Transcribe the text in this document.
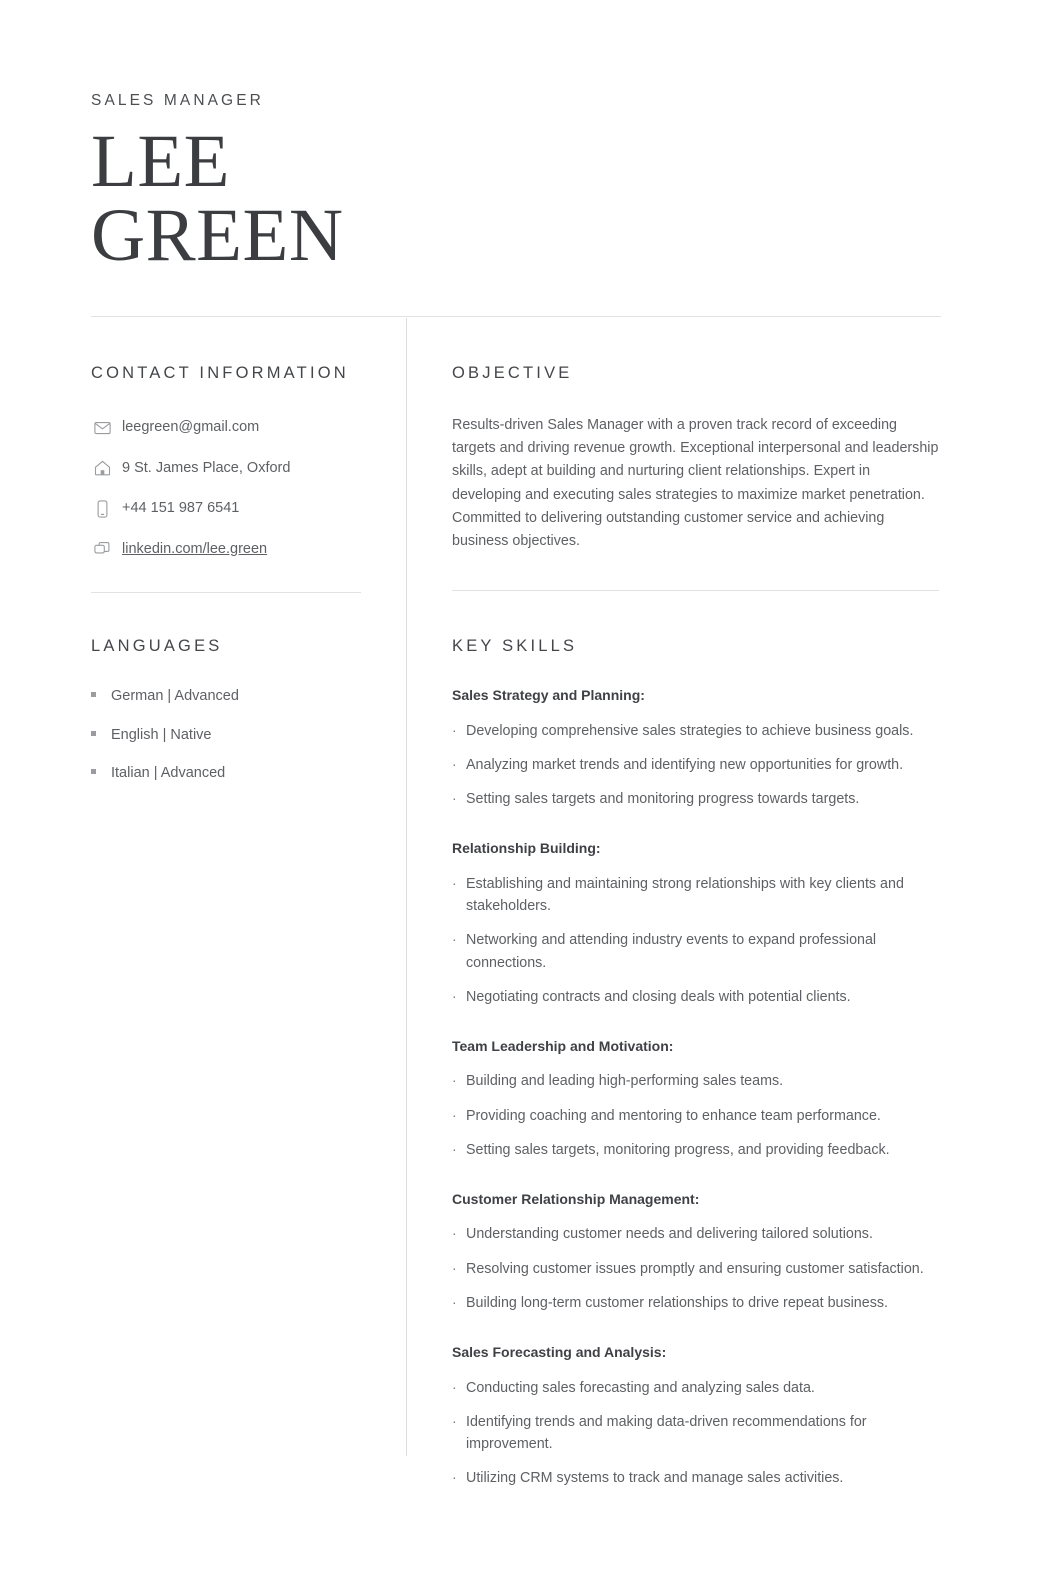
SALES MANAGER
LEE
GREEN
CONTACT INFORMATION
leegreen@gmail.com
9 St. James Place, Oxford
+44 151 987 6541
linkedin.com/lee.green
LANGUAGES
German | Advanced
English | Native
Italian | Advanced
OBJECTIVE

Results-driven Sales Manager with a proven track record of exceeding targets and driving revenue growth. Exceptional interpersonal and leadership skills, adept at building and nurturing client relationships. Expert in developing and executing sales strategies to maximize market penetration. Committed to delivering outstanding customer service and achieving business objectives.

KEY SKILLS
Sales Strategy and Planning:
· Developing comprehensive sales strategies to achieve business goals.
· Analyzing market trends and identifying new opportunities for growth.
· Setting sales targets and monitoring progress towards targets.
Relationship Building:
· Establishing and maintaining strong relationships with key clients and stakeholders.
· Networking and attending industry events to expand professional connections.
· Negotiating contracts and closing deals with potential clients.
Team Leadership and Motivation:
· Building and leading high-performing sales teams.
· Providing coaching and mentoring to enhance team performance.
· Setting sales targets, monitoring progress, and providing feedback.
Customer Relationship Management:
· Understanding customer needs and delivering tailored solutions.
· Resolving customer issues promptly and ensuring customer satisfaction.
· Building long-term customer relationships to drive repeat business.
Sales Forecasting and Analysis:
· Conducting sales forecasting and analyzing sales data.
· Identifying trends and making data-driven recommendations for improvement.
· Utilizing CRM systems to track and manage sales activities.
